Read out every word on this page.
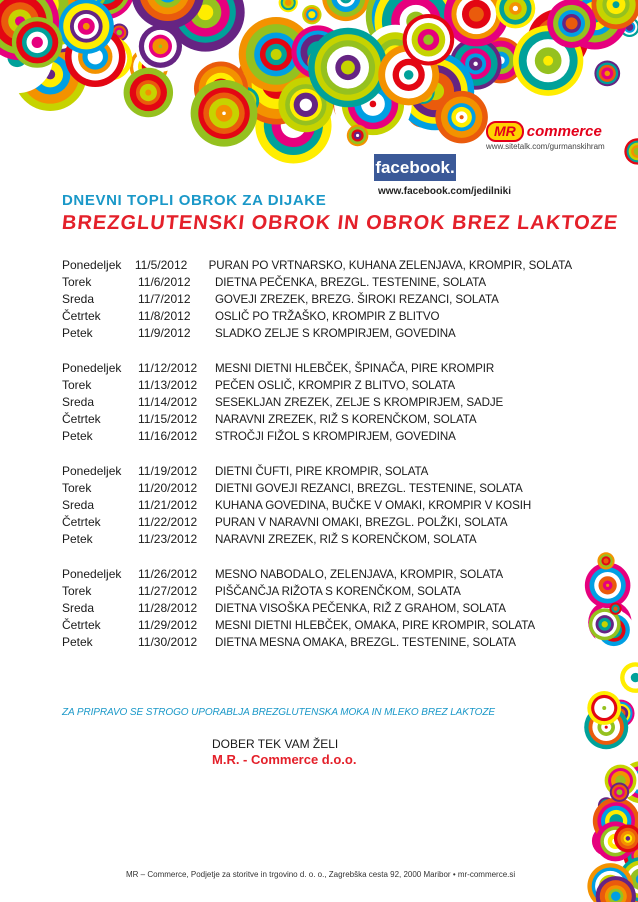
MR commerce
www.sitetalk.com/gurmanskihram
facebook.
www.facebook.com/jedilniki
DNEVNI TOPLI OBROK ZA DIJAKE
BREZGLUTENSKI OBROK IN OBROK BREZ LAKTOZE
Ponedeljek	11/5/2012	PURAN PO VRTNARSKO, KUHANA ZELENJAVA, KROMPIR, SOLATA
Torek	11/6/2012	DIETNA PEČENKA, BREZGL. TESTENINE, SOLATA
Sreda	11/7/2012	GOVEJI ZREZEK, BREZG. ŠIROKI REZANCI, SOLATA
Četrtek	11/8/2012	OSLIČ PO TRŽAŠKO, KROMPIR Z BLITVO
Petek	11/9/2012	SLADKO ZELJE S KROMPIRJEM, GOVEDINA
Ponedeljek	11/12/2012	MESNI DIETNI HLEBČEK, ŠPINAČA, PIRE KROMPIR
Torek	11/13/2012	PEČEN OSLIČ, KROMPIR Z BLITVO, SOLATA
Sreda	11/14/2012	SESEKLJAN ZREZEK, ZELJE S KROMPIRJEM, SADJE
Četrtek	11/15/2012	NARAVNI ZREZEK, RIŽ S KORENČKOM, SOLATA
Petek	11/16/2012	STROČJI FIŽOL S KROMPIRJEM, GOVEDINA
Ponedeljek	11/19/2012	DIETNI ČUFTI, PIRE KROMPIR, SOLATA
Torek	11/20/2012	DIETNI GOVEJI REZANCI, BREZGL. TESTENINE, SOLATA
Sreda	11/21/2012	KUHANA GOVEDINA, BUČKE V OMAKI, KROMPIR V KOSIH
Četrtek	11/22/2012	PURAN V NARAVNI OMAKI, BREZGL. POLŽKI, SOLATA
Petek	11/23/2012	NARAVNI ZREZEK, RIŽ S KORENČKOM, SOLATA
Ponedeljek	11/26/2012	MESNO NABODALO, ZELENJAVA, KROMPIR, SOLATA
Torek	11/27/2012	PIŠČANČJA RIŽOTA S KORENČKOM, SOLATA
Sreda	11/28/2012	DIETNA VISOŠKA PEČENKA, RIŽ Z GRAHOM, SOLATA
Četrtek	11/29/2012	MESNI DIETNI HLEBČEK, OMAKA, PIRE KROMPIR, SOLATA
Petek	11/30/2012	DIETNA MESNA OMAKA, BREZGL. TESTENINE, SOLATA
ZA PRIPRAVO SE STROGO UPORABLJA BREZGLUTENSKA MOKA IN MLEKO BREZ LAKTOZE
DOBER TEK VAM ŽELI
M.R. - Commerce d.o.o.
MR – Commerce, Podjetje za storitve in trgovino d. o. o., Zagrebška cesta 92, 2000 Maribor • mr-commerce.si
